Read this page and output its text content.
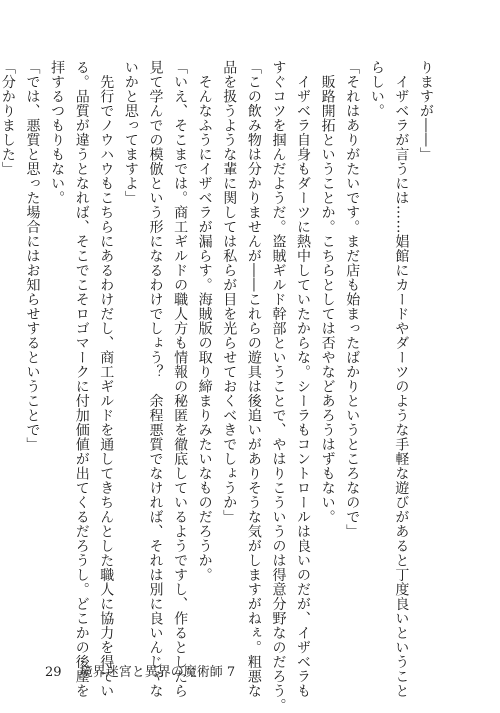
りますが――」
　イザベラが言うには……娼館にカードやダーツのような手軽な遊びがあると丁度良いということ
らしい。
「それはありがたいです。まだ店も始まったばかりというところなので」
　販路開拓ということか。こちらとしては否やなどあろうはずもない。
　イザベラ自身もダーツに熱中していたからな。シーラもコントロールは良いのだが、イザベラも
すぐコツを掴んだようだ。盗賊ギルド幹部ということで、やはりこういうのは得意分野なのだろう。
「この飲み物は分かりませんが――これらの遊具は後追いがありそうな気がしますがねぇ。粗悪な
品を扱うような輩に関しては私らが目を光らせておくべきでしょうか」
　そんなふうにイザベラが漏らす。海賊版の取り締まりみたいなものだろうか。
「いえ、そこまでは。商工ギルドの職人方も情報の秘匿を徹底しているようですし、作るとしたら
見て学んでの模倣という形になるわけでしょう？　余程悪質でなければ、それは別に良いんじゃな
いかと思ってますよ」
　先行でノウハウもこちらにあるわけだし、商工ギルドを通してきちんとした職人に協力を得てい
る。品質が違うとなれば、そこでこそロゴマークに付加価値が出てくるだろうし。どこかの後塵を
拝するつもりもない。
「では、悪質と思った場合にはお知らせするということで」
「分かりました」
29 境界迷宮と異界の魔術師 7
